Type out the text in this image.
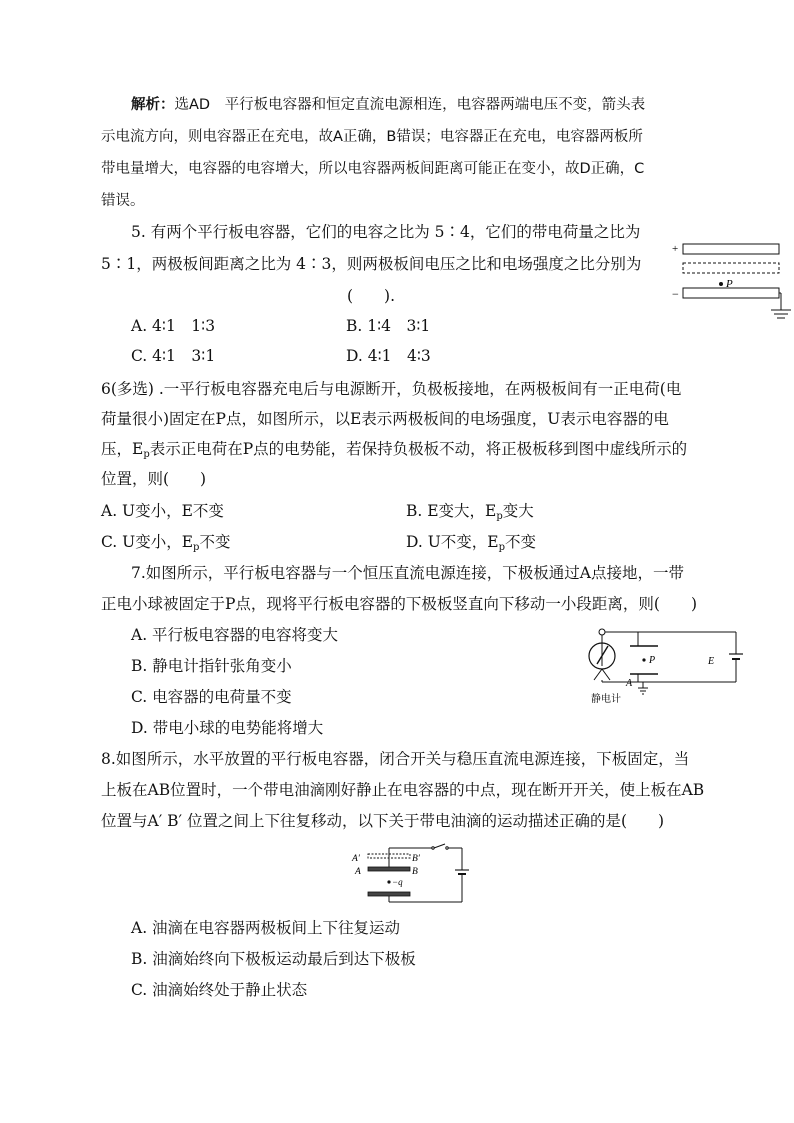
解析：选AD　平行板电容器和恒定直流电源相连，电容器两端电压不变，箭头表
示电流方向，则电容器正在充电，故A正确，B错误；电容器正在充电，电容器两板所
带电量增大，电容器的电容增大，所以电容器两板间距离可能正在变小，故D正确，C
错误。
5. 有两个平行板电容器，它们的电容之比为 5∶4，它们的带电荷量之比为
5∶1，两极板间距离之比为 4∶3，则两极板间电压之比和电场强度之比分别为
(　　).
A. 4∶1　1∶3	B. 1∶4　3∶1
C. 4∶1　3∶1	D. 4∶1　4∶3
+
−
P
6(多选) .一平行板电容器充电后与电源断开，负极板接地，在两极板间有一正电荷(电
荷量很小)固定在P点，如图所示，以E表示两极板间的电场强度，U表示电容器的电
压，$E_p$表示正电荷在P点的电势能，若保持负极板不动，将正极板移到图中虚线所示的
位置，则(　　)
A. U变小，E不变	B. E变大，$E_p$变大
C. U变小，$E_p$不变	D. U不变，$E_p$不变
7.如图所示，平行板电容器与一个恒压直流电源连接，下极板通过A点接地，一带
正电小球被固定于P点，现将平行板电容器的下极板竖直向下移动一小段距离，则(　　)
A. 平行板电容器的电容将变大
B. 静电计指针张角变小
C. 电容器的电荷量不变
D. 带电小球的电势能将增大
静电计
E
P
A
8.如图所示，水平放置的平行板电容器，闭合开关与稳压直流电源连接，下板固定，当
上板在AB位置时，一个带电油滴刚好静止在电容器的中点，现在断开开关，使上板在AB
位置与A′ B′ 位置之间上下往复移动，以下关于带电油滴的运动描述正确的是(　　)
A′	B′
A	B
−q
A. 油滴在电容器两极板间上下往复运动
B. 油滴始终向下极板运动最后到达下极板
C. 油滴始终处于静止状态
